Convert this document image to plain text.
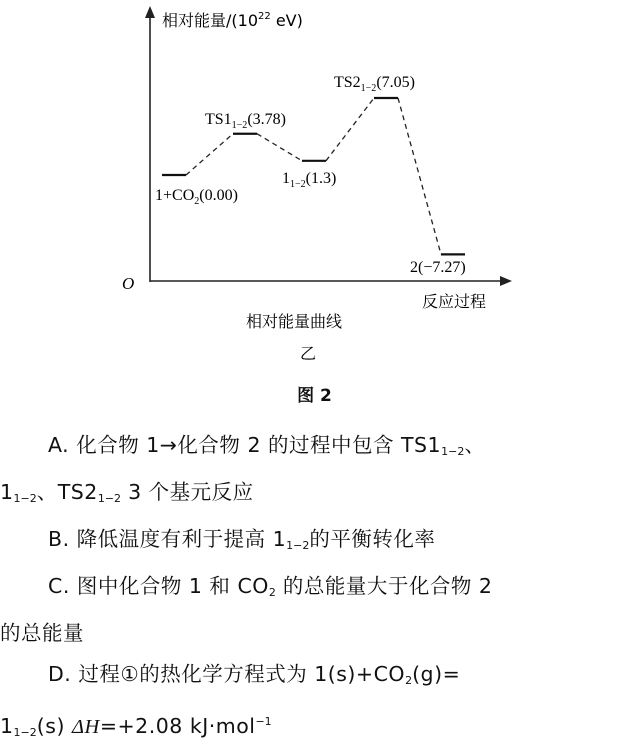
相对能量$/(10^{22}$ eV)
O
反应过程
相对能量曲线
乙
$1+CO_2(0.00)$
$TS1_{1-2}(3.78)$
$1_{1-2}(1.3)$
$TS2_{1-2}(7.05)$
2(−7.27)
图 2
A. 化合物 1→化合物 2 的过程中包含 $TS1_{1-2}$、
$1_{1-2}$、$TS2_{1-2}$ 3 个基元反应
B. 降低温度有利于提高 $1_{1-2}$的平衡转化率
C. 图中化合物 1 和 $CO_2$ 的总能量大于化合物 2
的总能量
D. 过程①的热化学方程式为 $1(s)+CO_2(g)=$
$1_{1-2}(s)$ ΔH=+2.08 kJ·mol$^{-1}$
